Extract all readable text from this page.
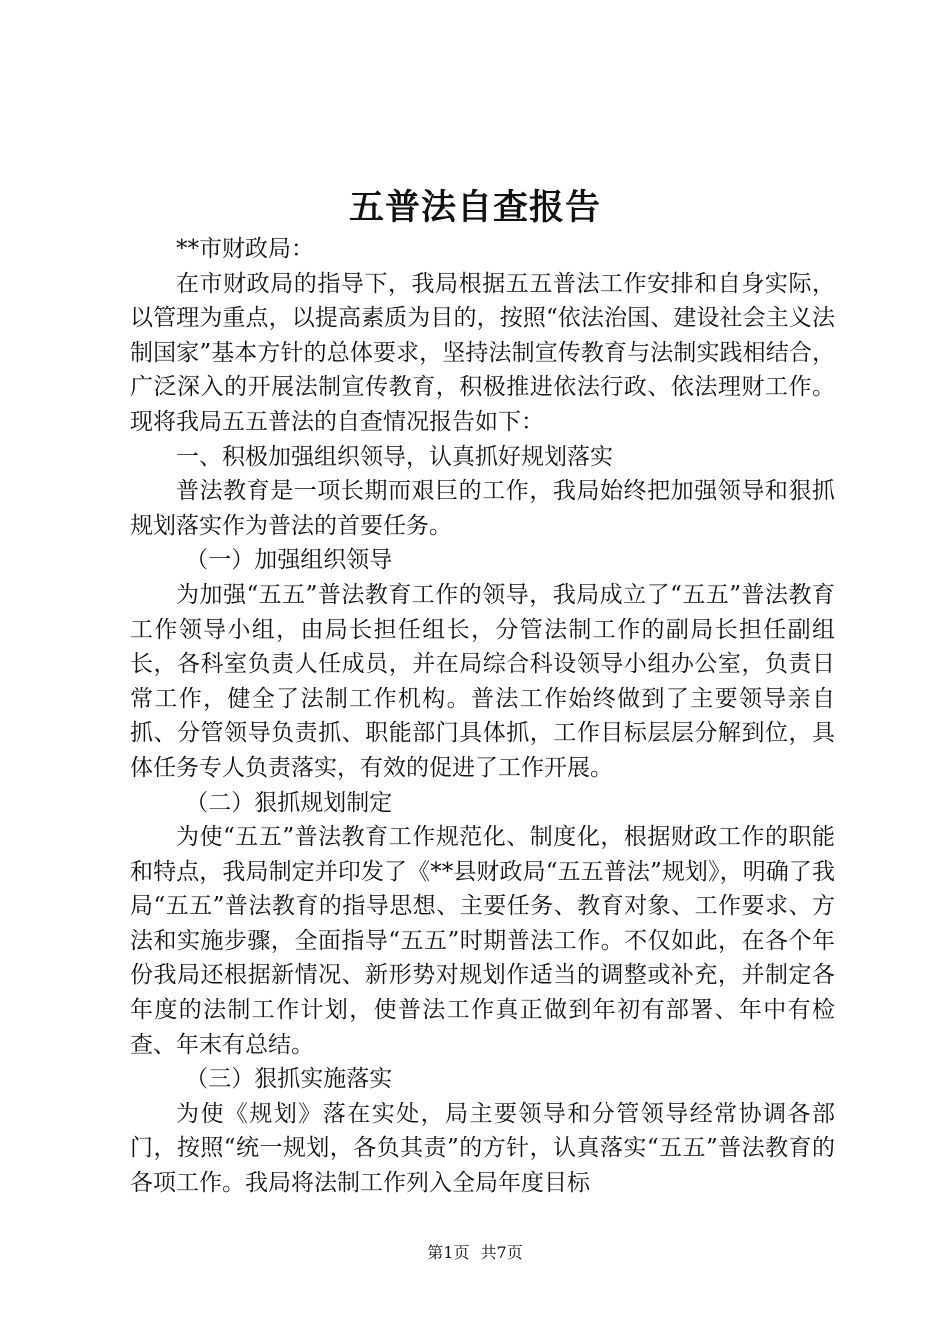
五普法自查报告

**市财政局：

在市财政局的指导下，我局根据五五普法工作安排和自身实际，以管理为重点，以提高素质为目的，按照“依法治国、建设社会主义法制国家”基本方针的总体要求，坚持法制宣传教育与法制实践相结合，广泛深入的开展法制宣传教育，积极推进依法行政、依法理财工作。现将我局五五普法的自查情况报告如下：

一、积极加强组织领导，认真抓好规划落实

普法教育是一项长期而艰巨的工作，我局始终把加强领导和狠抓规划落实作为普法的首要任务。

（一）加强组织领导

为加强“五五”普法教育工作的领导，我局成立了“五五”普法教育工作领导小组，由局长担任组长，分管法制工作的副局长担任副组长，各科室负责人任成员，并在局综合科设领导小组办公室，负责日常工作，健全了法制工作机构。普法工作始终做到了主要领导亲自抓、分管领导负责抓、职能部门具体抓，工作目标层层分解到位，具体任务专人负责落实，有效的促进了工作开展。

（二）狠抓规划制定

为使“五五”普法教育工作规范化、制度化，根据财政工作的职能和特点，我局制定并印发了《**县财政局“五五普法”规划》，明确了我局“五五”普法教育的指导思想、主要任务、教育对象、工作要求、方法和实施步骤，全面指导“五五”时期普法工作。不仅如此，在各个年份我局还根据新情况、新形势对规划作适当的调整或补充，并制定各年度的法制工作计划，使普法工作真正做到年初有部署、年中有检查、年末有总结。

（三）狠抓实施落实

为使《规划》落在实处，局主要领导和分管领导经常协调各部门，按照“统一规划，各负其责”的方针，认真落实“五五”普法教育的各项工作。我局将法制工作列入全局年度目标

第1页 共7页
